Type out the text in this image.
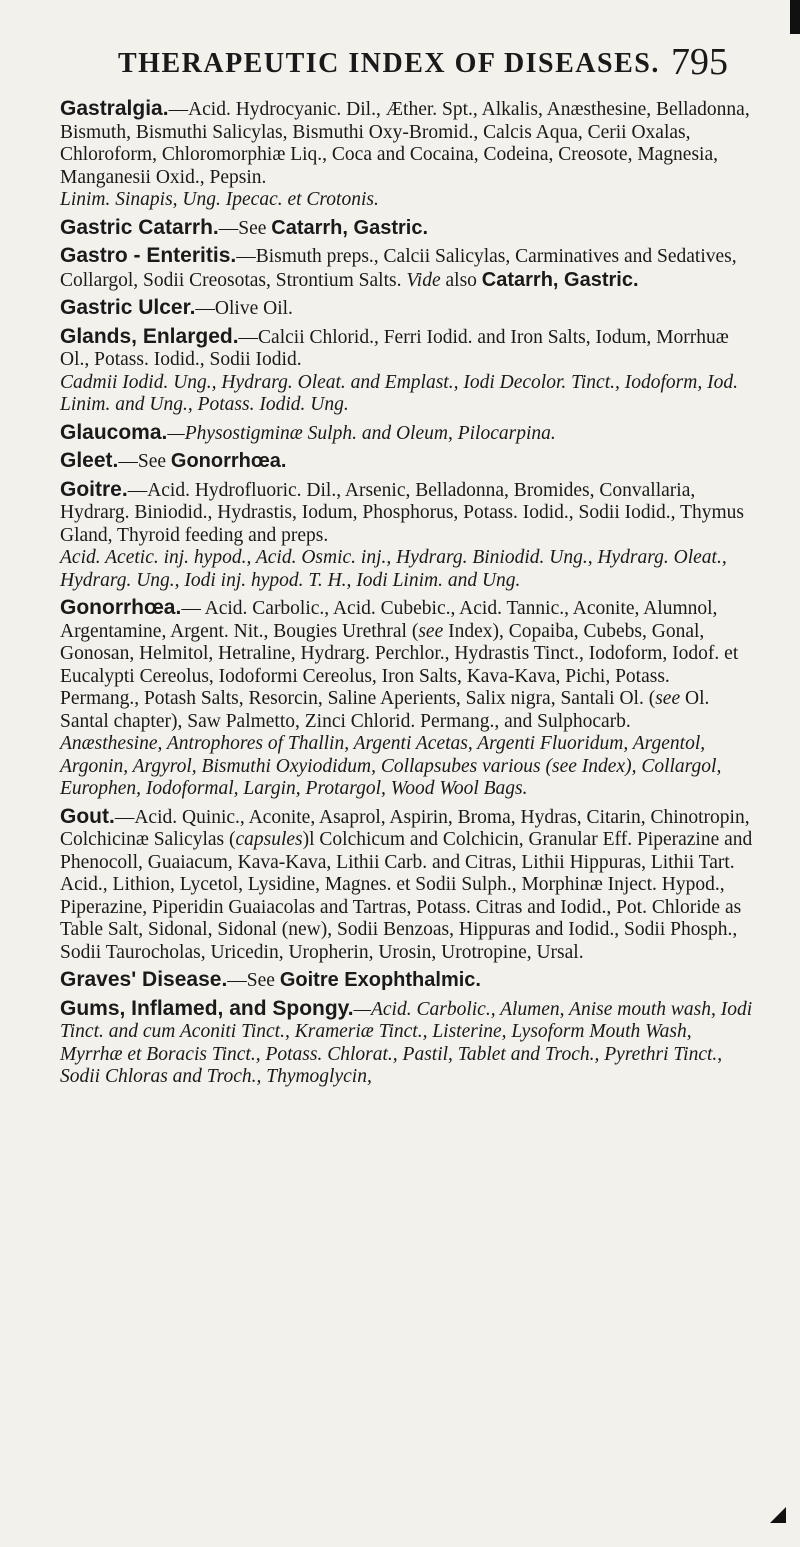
THERAPEUTIC INDEX OF DISEASES. 795

Gastralgia.—Acid. Hydrocyanic. Dil., Æther. Spt., Alkalis, Anæsthesine, Belladonna, Bismuth, Bismuthi Salicylas, Bismuthi Oxy-Bromid., Calcis Aqua, Cerii Oxalas, Chloroform, Chloromorphiæ Liq., Coca and Cocaina, Codeina, Creosote, Magnesia, Manganesii Oxid., Pepsin.
Linim. Sinapis, Ung. Ipecac. et Crotonis.

Gastric Catarrh.—See Catarrh, Gastric.

Gastro - Enteritis.—Bismuth preps., Calcii Salicylas, Carminatives and Sedatives, Collargol, Sodii Creosotas, Strontium Salts. Vide also Catarrh, Gastric.

Gastric Ulcer.—Olive Oil.

Glands, Enlarged.—Calcii Chlorid., Ferri Iodid. and Iron Salts, Iodum, Morrhuæ Ol., Potass. Iodid., Sodii Iodid.
Cadmii Iodid. Ung., Hydrarg. Oleat. and Emplast., Iodi Decolor. Tinct., Iodoform, Iod. Linim. and Ung., Potass. Iodid. Ung.

Glaucoma.—Physostigminæ Sulph. and Oleum, Pilocarpina.

Gleet.—See Gonorrhœa.

Goitre.—Acid. Hydrofluoric. Dil., Arsenic, Belladonna, Bromides, Convallaria, Hydrarg. Biniodid., Hydrastis, Iodum, Phosphorus, Potass. Iodid., Sodii Iodid., Thymus Gland, Thyroid feeding and preps.
Acid. Acetic. inj. hypod., Acid. Osmic. inj., Hydrarg. Biniodid. Ung., Hydrarg. Oleat., Hydrarg. Ung., Iodi inj. hypod. T. H., Iodi Linim. and Ung.

Gonorrhœa.— Acid. Carbolic., Acid. Cubebic., Acid. Tannic., Aconite, Alumnol, Argentamine, Argent. Nit., Bougies Urethral (see Index), Copaiba, Cubebs, Gonal, Gonosan, Helmitol, Hetraline, Hydrarg. Perchlor., Hydrastis Tinct., Iodoform, Iodof. et Eucalypti Cereolus, Iodoformi Cereolus, Iron Salts, Kava-Kava, Pichi, Potass. Permang., Potash Salts, Resorcin, Saline Aperients, Salix nigra, Santali Ol. (see Ol. Santal chapter), Saw Palmetto, Zinci Chlorid. Permang., and Sulphocarb.
Anæsthesine, Antrophores of Thallin, Argenti Acetas, Argenti Fluoridum, Argentol, Argonin, Argyrol, Bismuthi Oxyiodidum, Collapsubes various (see Index), Collargol, Europhen, Iodoformal, Largin, Protargol, Wood Wool Bags.

Gout.—Acid. Quinic., Aconite, Asaprol, Aspirin, Broma, Hydras, Citarin, Chinotropin, Colchicinæ Salicylas (capsules)l Colchicum and Colchicin, Granular Eff. Piperazine and Phenocoll, Guaiacum, Kava-Kava, Lithii Carb. and Citras, Lithii Hippuras, Lithii Tart. Acid., Lithion, Lycetol, Lysidine, Magnes. et Sodii Sulph., Morphinæ Inject. Hypod., Piperazine, Piperidin Guaiacolas and Tartras, Potass. Citras and Iodid., Pot. Chloride as Table Salt, Sidonal, Sidonal (new), Sodii Benzoas, Hippuras and Iodid., Sodii Phosph., Sodii Taurocholas, Uricedin, Uropherin, Urosin, Urotropine, Ursal.

Graves' Disease.—See Goitre Exophthalmic.

Gums, Inflamed, and Spongy.—Acid. Carbolic., Alumen, Anise mouth wash, Iodi Tinct. and cum Aconiti Tinct., Krameriæ Tinct., Listerine, Lysoform Mouth Wash, Myrrhæ et Boracis Tinct., Potass. Chlorat., Pastil, Tablet and Troch., Pyrethri Tinct., Sodii Chloras and Troch., Thymoglycin,
